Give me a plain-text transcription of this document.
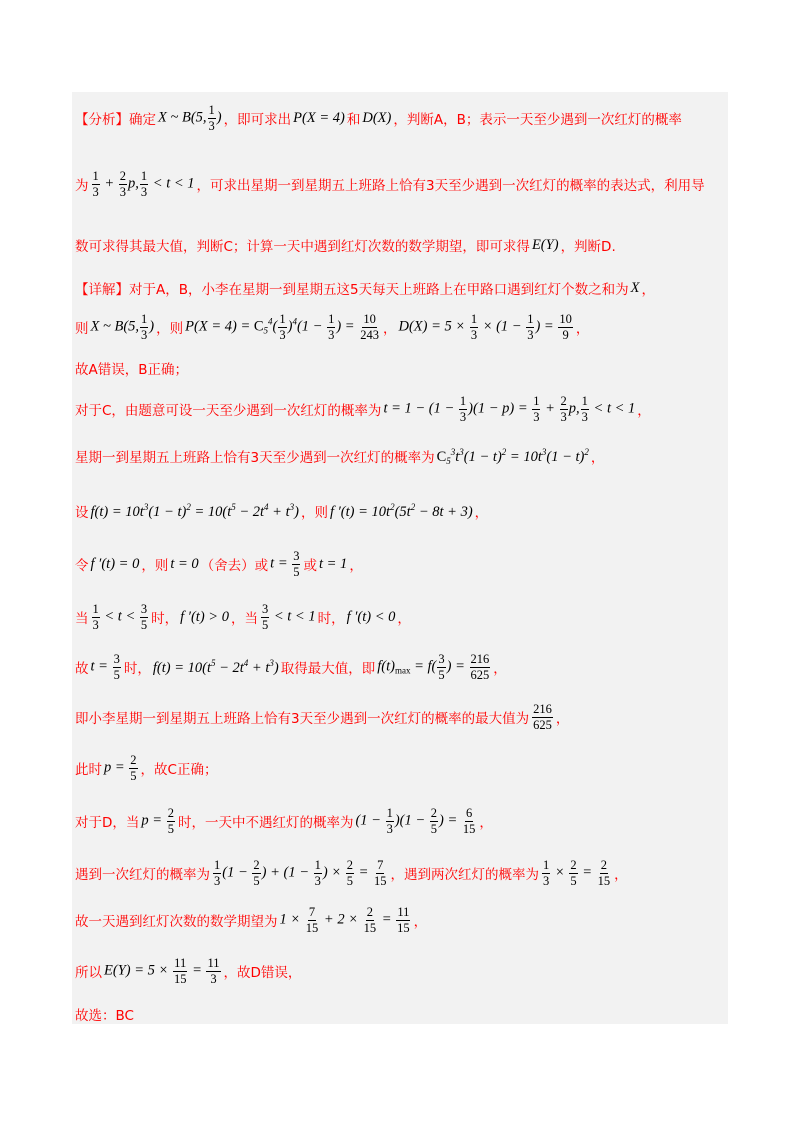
【分析】 确定 X ~ B(5, $\frac{1}{3}$ ) ，即可求出 P(X = 4) 和 D(X) ，判断A，B；表示一天至少遇到一次红灯的概率
为 $\frac{1}{3} + \frac{2}{3} p$, $\frac{1}{3} < t < 1$ ，可求出星期一到星期五上班路上恰有3天至少遇到一次红灯的概率的表达式，利用导
数可求得其最大值，判断C；计算一天中遇到红灯次数的数学期望，即可求得 E(Y) ，判断D.
【详解】 对于A，B，小李在星期一到星期五这5天每天上班路上在甲路口遇到红灯个数之和为 X ，
则 X ~ B(5, $\frac{1}{3}$ ) ，则 $P(X = 4) = C_5^4( \frac{1}{3} )^4(1 - \frac{1}{3}$ ) = $\frac{10}{243}$ ， $D(X) = 5 \times \frac{1}{3} \times (1 - \frac{1}{3}$ ) = $\frac{10}{9}$ ，
故A错误，B正确；
对于C，由题意可设一天至少遇到一次红灯的概率为 $t = 1 - (1 - \frac{1}{3} )(1 - p) = \frac{1}{3} + \frac{2}{3} p$, $\frac{1}{3} < t < 1$ ，
星期一到星期五上班路上恰有3天至少遇到一次红灯的概率为 $C_5^3t^3(1 - t)^2 = 10t^3(1 - t)^2$ ，
设 $f(t) = 10t^3(1 - t)^2 = 10(t^5 - 2t^4 + t^3)$ ，则 f $'(t) = 10t^2(5t^2 - 8t + 3)$ ，
令 f ′(t) = 0 ，则 t = 0 （舍去）或 $t = \frac{3}{5}$ 或 t = 1 ，
当 $\frac{1}{3} < t < \frac{3}{5}$ 时， f ′(t) > 0 ，当 $\frac{3}{5} < t < 1$ 时， f ′(t) < 0 ，
故 $t = \frac{3}{5}$ 时， $f(t) = 10(t^5 - 2t^4 + t^3)$ 取得最大值，即 $f(t)_{max} = f( \frac{3}{5}$ ) = $\frac{216}{625}$ ，
即小李星期一到星期五上班路上恰有3天至少遇到一次红灯的概率的最大值为 $\frac{216}{625}$ ，
此时 $p = \frac{2}{5}$ ，故C正确；
对于D，当 $p = \frac{2}{5}$ 时，一天中不遇红灯的概率为 $(1 - \frac{1}{3} )(1 - \frac{2}{5}$ ) = $\frac{6}{15}$ ，
遇到一次红灯的概率为 $\frac{1}{3} (1 - \frac{2}{5}$ ) + ($1 - \frac{1}{3}$ ) × $\frac{2}{5} = \frac{7}{15}$ ，遇到两次红灯的概率为 $\frac{1}{3} \times \frac{2}{5} = \frac{2}{15}$ ，
故一天遇到红灯次数的数学期望为 $1 \times \frac{7}{15} + 2 \times \frac{2}{15} = \frac{11}{15}$ ，
所以 $E(Y) = 5 \times \frac{11}{15} = \frac{11}{3}$ ，故D错误，
故选：BC
